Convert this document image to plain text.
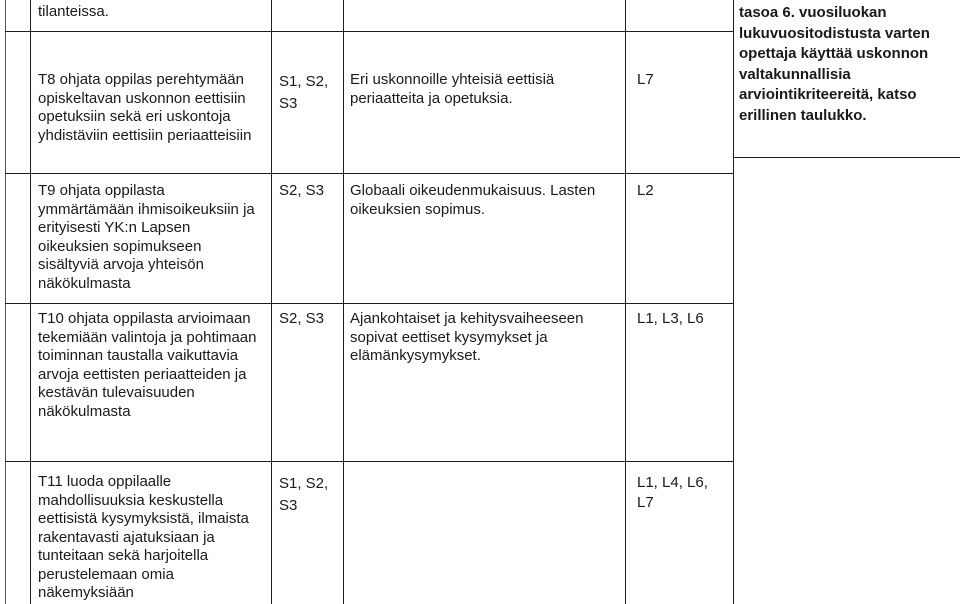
tilanteissa.
T8 ohjata oppilas perehtymään opiskeltavan uskonnon eettisiin opetuksiin sekä eri uskontoja yhdistäviin eettisiin periaatteisiin
S1, S2, S3
Eri uskonnoille yhteisiä eettisiä periaatteita ja opetuksia.
L7
T9 ohjata oppilasta ymmärtämään ihmisoikeuksiin ja erityisesti YK:n Lapsen oikeuksien sopimukseen sisältyviä arvoja yhteisön näkökulmasta
S2, S3	Globaali oikeudenmukaisuus. Lasten oikeuksien sopimus.
L2
T10 ohjata oppilasta arvioimaan tekemiään valintoja ja pohtimaan toiminnan taustalla vaikuttavia arvoja eettisten periaatteiden ja kestävän tulevaisuuden näkökulmasta
S2, S3	Ajankohtaiset ja kehitysvaiheeseen sopivat eettiset kysymykset ja elämänkysymykset.
L1, L3, L6
T11 luoda oppilaalle mahdollisuuksia keskustella eettisistä kysymyksistä, ilmaista rakentavasti ajatuksiaan ja tunteitaan sekä harjoitella perustelemaan omia näkemyksiään
S1, S2, S3
L1, L4, L6, L7
tasoa 6. vuosiluokan lukuvuositodistusta varten opettaja käyttää uskonnon valtakunnallisia arviointikriteereitä, katso erillinen taulukko.
